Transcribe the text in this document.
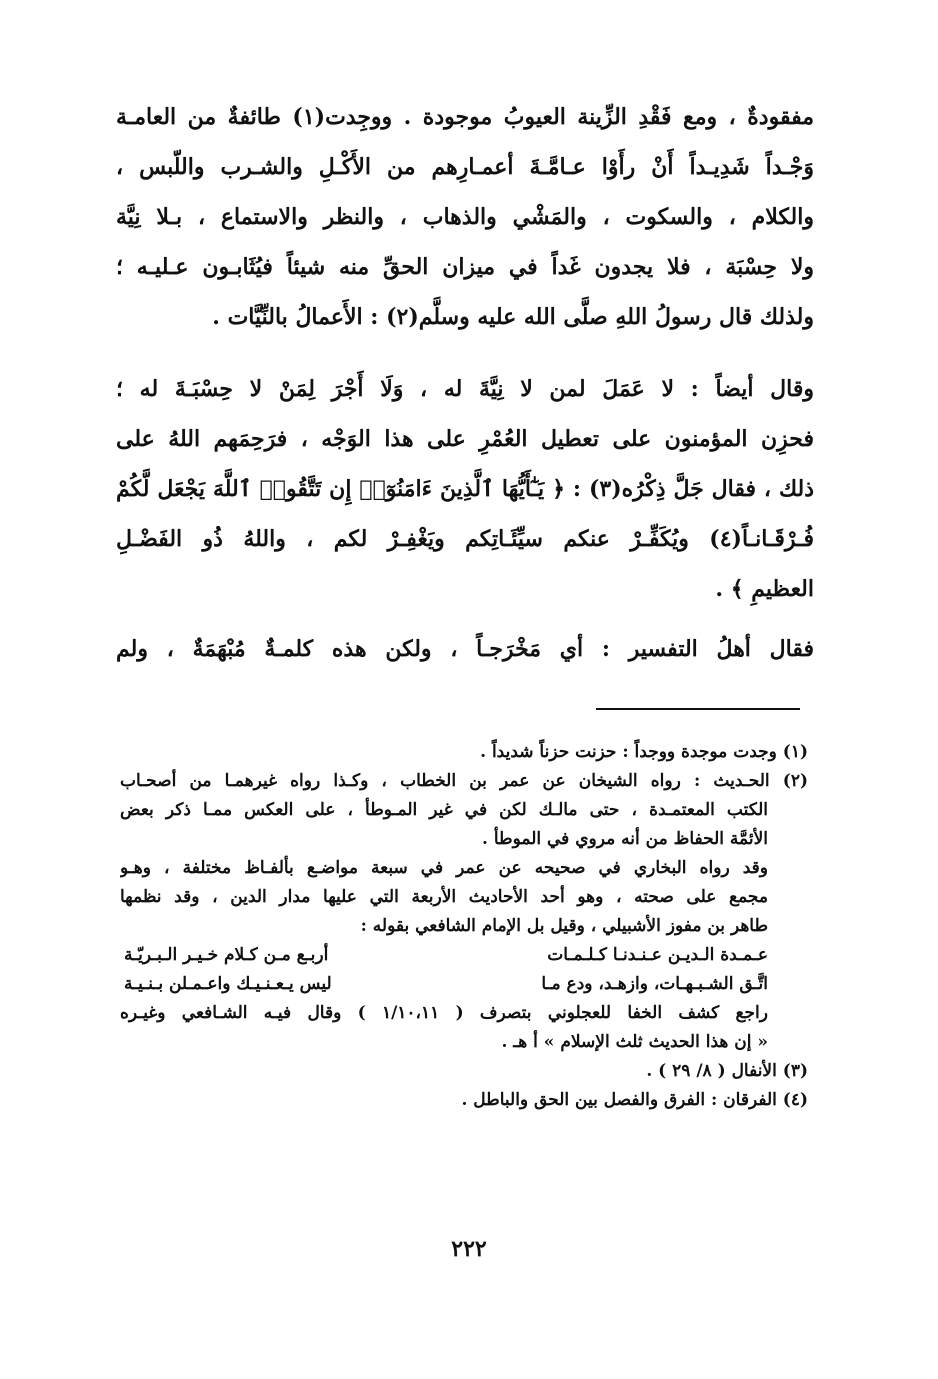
مفقودةٌ ، ومع فَقْدِ الزِّينة العيوبُ موجودة . ووجِدت(١) طائفةٌ من العامـة
وَجْـداً شَدِيـداً أَنْ رأَوْا عـامَّـةَ أعمـارِهم من الأَكْـلِ والشـرب واللّبس ،
والكلام ، والسكوت ، والمَشْي والذهاب ، والنظر والاستماع ، بـلا نِيَّة
ولا حِسْبَة ، فلا يجدون غَداً في ميزان الحقِّ منه شيئاً فيُثَابـون عـليـه ؛
ولذلك قال رسولُ اللهِ صلَّى الله عليه وسلَّم(٢) : الأَعمالُ بالنِّيَّات .
وقال أيضاً : لا عَمَلَ لمن لا نِيَّةَ له ، وَلَا أَجْرَ لِمَنْ لا حِسْبَـةَ له ؛
فحزِن المؤمنون على تعطيل العُمْرِ على هذا الوَجْه ، فرَحِمَهم اللهُ على
ذلك ، فقال جَلَّ ذِكْرُه(٣) : ﴿ يَـٰٓأَيُّهَا ٱلَّذِينَ ءَامَنُوٓا۟ إِن تَتَّقُوا۟ ٱللَّهَ يَجْعَل لَّكُمْ
فُـرْقَـانـاً(٤) ويُكَفِّـرْ عنكم سيِّئَـاتِكم ويَغْفِـرْ لكم ، واللهُ ذُو الفَضْـلِ
العظيمِ ﴾ .
فقال أهلُ التفسير : أي مَخْرَجـاً ، ولكن هذه كلمـةٌ مُبْهَمَةٌ ، ولم
(١) وجدت موجدة ووجداً : حزنت حزناً شديداً .
(٢) الحـديث : رواه الشيخان عن عمر بن الخطاب ، وكـذا رواه غيرهمـا من أصحـاب
الكتب المعتمـدة ، حتى مالـك لكن في غير المـوطأ ، على العكس ممـا ذكر بعض
الأئمَّة الحفاظ من أنه مروي في الموطأ .
وقد رواه البخاري في صحيحه عن عمر في سبعة مواضـع بألفـاظ مختلفة ، وهـو
مجمع على صحته ، وهو أحد الأحاديث الأربعة التي عليها مدار الدين ، وقد نظمها
طاهر بن مفوز الأشبيلي ، وقيل بل الإمام الشافعي بقوله :
عـمـدة الـديـن عـنـدنـا كـلـمـات
أربـع مـن كـلام خـيـر الـبـريّـة
اتَّـق الشـبـهـات، وازهـد، ودع مـا
ليس يـعـنـيـك واعـمـلن بـنـيـة
راجع كشف الخفا للعجلوني بتصرف ( ١/١٠،١١ ) وقال فيـه الشـافعي وغيـره
« إن هذا الحديث ثلث الإسلام » أ هـ .
(٣) الأنفال ( ٨/ ٢٩ ) .
(٤) الفرقان : الفرق والفصل بين الحق والباطل .
٢٢٢
